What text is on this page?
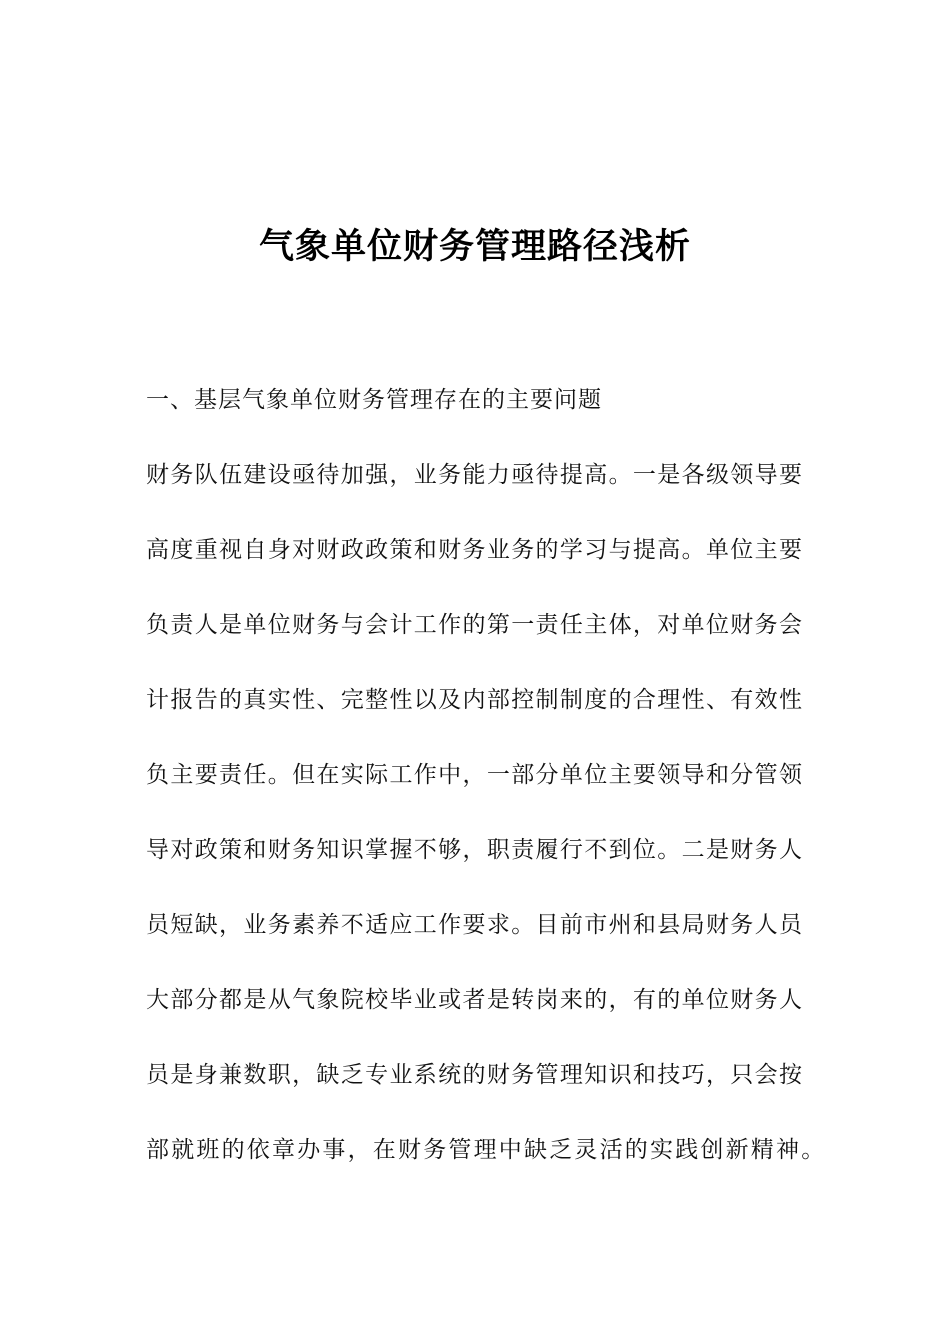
气象单位财务管理路径浅析
一、基层气象单位财务管理存在的主要问题
财务队伍建设亟待加强，业务能力亟待提高。一是各级领导要
高度重视自身对财政政策和财务业务的学习与提高。单位主要
负责人是单位财务与会计工作的第一责任主体，对单位财务会
计报告的真实性、完整性以及内部控制制度的合理性、有效性
负主要责任。但在实际工作中，一部分单位主要领导和分管领
导对政策和财务知识掌握不够，职责履行不到位。二是财务人
员短缺，业务素养不适应工作要求。目前市州和县局财务人员
大部分都是从气象院校毕业或者是转岗来的，有的单位财务人
员是身兼数职，缺乏专业系统的财务管理知识和技巧，只会按
部就班的依章办事，在财务管理中缺乏灵活的实践创新精神。
